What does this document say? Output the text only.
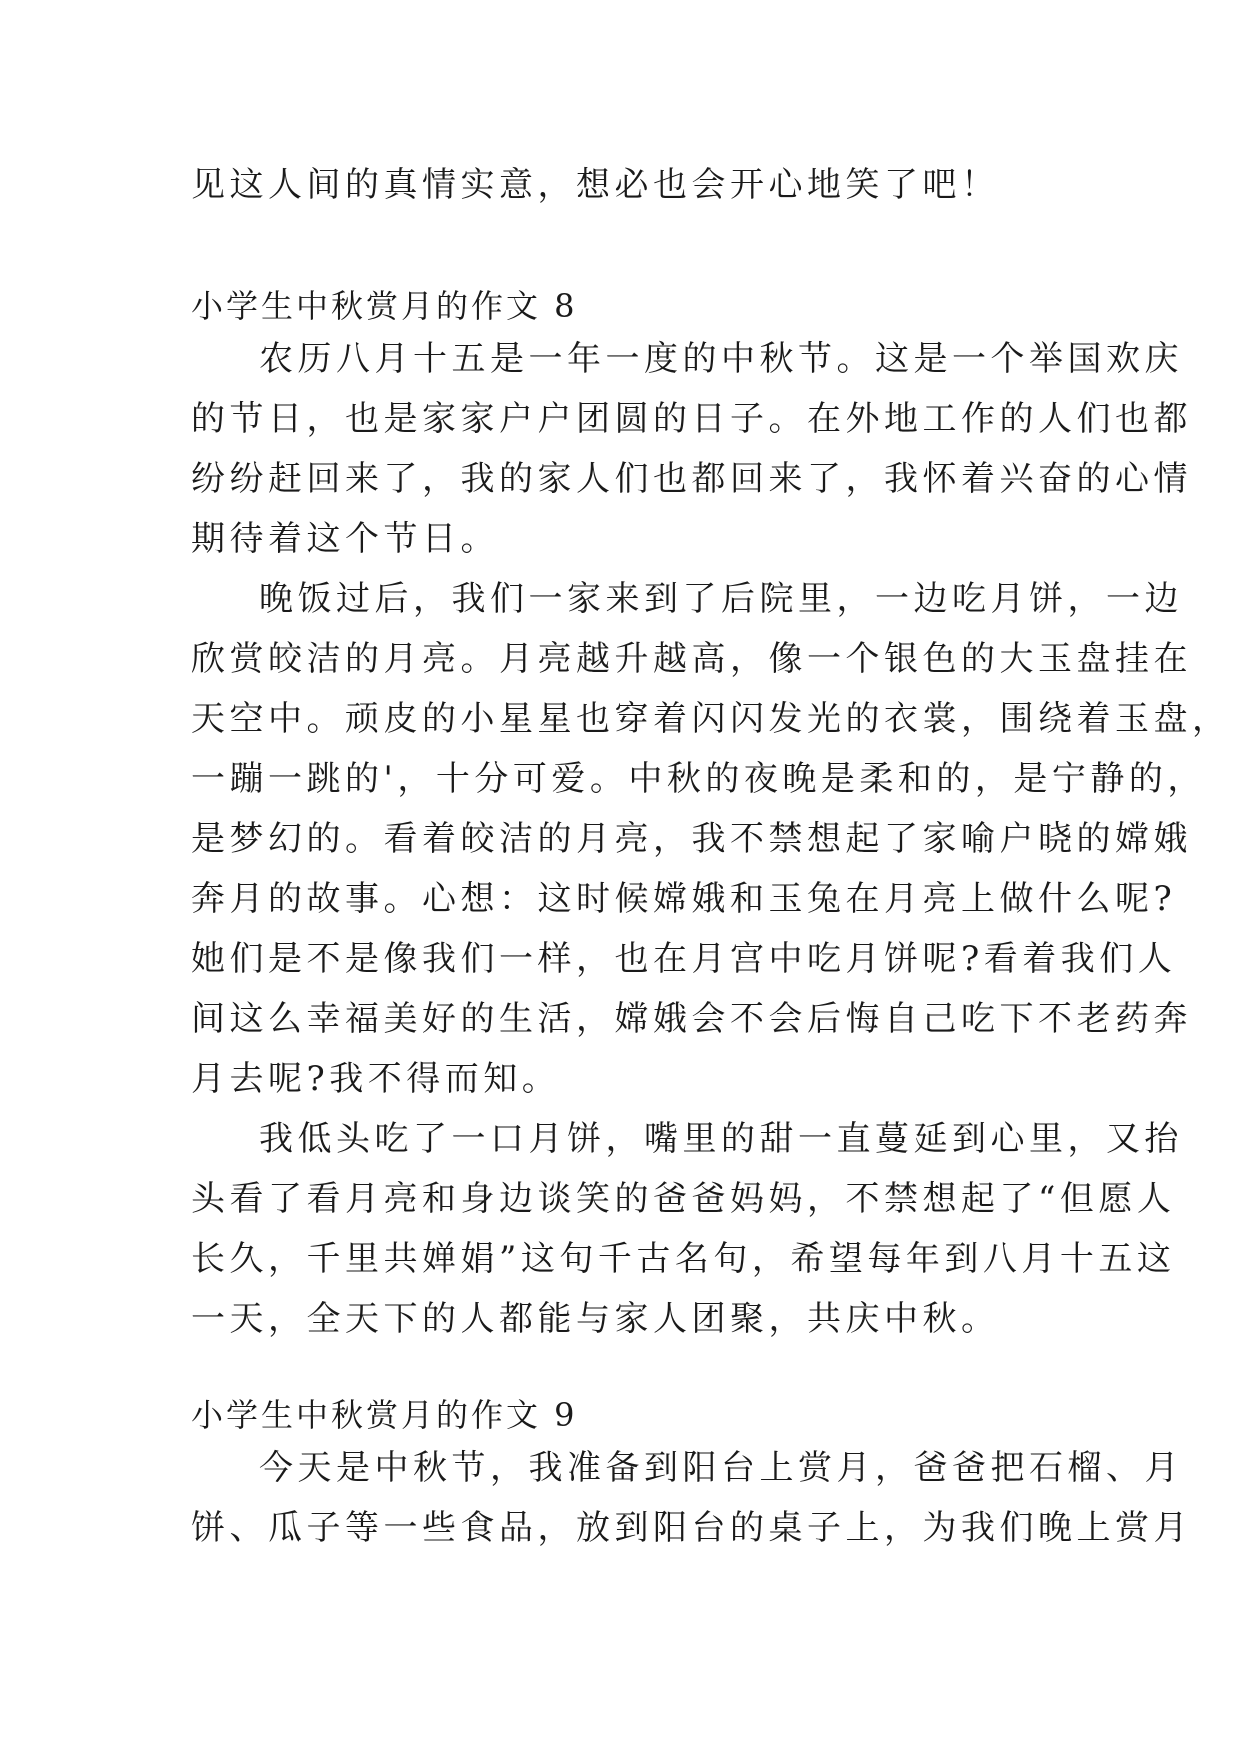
见这人间的真情实意，想必也会开心地笑了吧！
小学生中秋赏月的作文 8
农历八月十五是一年一度的中秋节。这是一个举国欢庆
的节日，也是家家户户团圆的日子。在外地工作的人们也都
纷纷赶回来了，我的家人们也都回来了，我怀着兴奋的心情
期待着这个节日。
晚饭过后，我们一家来到了后院里，一边吃月饼，一边
欣赏皎洁的月亮。月亮越升越高，像一个银色的大玉盘挂在
天空中。顽皮的小星星也穿着闪闪发光的衣裳，围绕着玉盘，
一蹦一跳的'，十分可爱。中秋的夜晚是柔和的，是宁静的，
是梦幻的。看着皎洁的月亮，我不禁想起了家喻户晓的嫦娥
奔月的故事。心想：这时候嫦娥和玉兔在月亮上做什么呢?
她们是不是像我们一样，也在月宫中吃月饼呢?看着我们人
间这么幸福美好的生活，嫦娥会不会后悔自己吃下不老药奔
月去呢?我不得而知。
我低头吃了一口月饼，嘴里的甜一直蔓延到心里，又抬
头看了看月亮和身边谈笑的爸爸妈妈，不禁想起了“但愿人
长久，千里共婵娟”这句千古名句，希望每年到八月十五这
一天，全天下的人都能与家人团聚，共庆中秋。
小学生中秋赏月的作文 9
今天是中秋节，我准备到阳台上赏月，爸爸把石榴、月
饼、瓜子等一些食品，放到阳台的桌子上，为我们晚上赏月
